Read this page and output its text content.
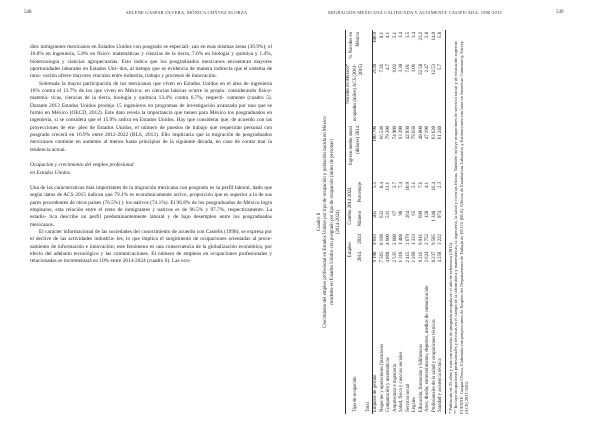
548	SELENE GASPAR OLVERA, MÓNICA CHÁVEZ ELORZA

diez inmigrantes mexicanos en Estados Unidos con posgrado se especiali- zan en esas mismas áreas (30.9%); el 16.0% en ingeniería, 5.8% en físico- matemáticas y ciencias de la tierra, 7.6% en biología y química y 1.4%, biotecnología y ciencias agropecuarias. Esto indica que los posgraduados mexicanos encuentran mayores oportunidades laborales en Estados Uni- dos, al tiempo que se evidencia de manera indirecta que el sistema de inno- vación ofrece mayores vínculos entre industria, trabajo y procesos de innovación.

Sobresale la mayor participación de los mexicanos que viven en Estados Unidos en el área de ingeniería 16% contra el 13.7% de los que viven en México; en ciencias básicas ocurre lo propio: considerando físico-matemá- ticas, ciencias de la tierra, biología y química 13.4% contra 6.7%, respecti- vamente (cuadro 5). Durante 2012 Estados Unidos produjo 15 ingenieros en programas de investigación avanzada por uno que se formó en México (OECD, 2012). Este dato revela la importancia que tienen para México los posgraduados en ingeniería, si se considera que el 15.9% radica en Estados Unidos. Hay que considerar que, de acuerdo con las proyecciones de em- pleo de Estados Unidos, el número de puestos de trabajo que requerirán personal con posgrado crecerá en 16.9% entre 2012-2022 (BLS, 2013). Ello implicaría que la migración de posgraduados mexicanos continúe en aumento al menos hasta principios de la siguiente década, en caso de contar mar la tendencia actual.

Ocupación y crecimiento del empleo profesional
en Estados Unidos

Una de las características más importantes de la migración mexicana con posgrado es su perfil laboral, dado que según datos de ACS 2015 indican que 79.1% es económicamente activo, proporción que es superior a la de sus pares procedentes de otros países (76.5%) y los nativos (74.1%). El 96.8% de los posgraduados de México logra emplearse, esta relación entre el resto de inmigrantes y nativos es de 96.5% y 97.7%, respectivamente. La estadís- tica describe un perfil predominantemente laboral y de bajo desempleo entre los posgraduados mexicanos.

El carácter informacional de las sociedades del conocimiento de acuerdo con Castells (1998), se expresa por el declive de las actividades industria- les, lo que implica el surgimiento de ocupaciones orientadas al proce- samiento de información e innovación; este fenómeno es una consecuencia de la globalización económica, por efecto del adelanto tecnológico y las comunicaciones. El número de empleos en ocupaciones profesionales y relacionadas se incrementará en 10% entre 2014-2024 (cuadro 6). Las ocu-

MIGRACIÓN MEXICANA CALIFICADA Y ALTAMENTE CALIFICADA: 1990-2015	549
Cuadro 6 Crecimiento del empleo profesional en Estados Unidos por tipo de ocupación y población nacida en México residente en Estados Unidos con posgrado por tipo de ocupación (miles de personas) (2014-2024)
Tipo de ocupación	Empleo		Cambio 2014-2024		Ingreso medio anual (dólares) 2014	Nacidos en México* ocupados (miles) ACS (2011-2015)	% Nacidos en México
	2014	2024	Número	Porcentaje			
Total							
Empleos de gestión	9 198	9 693	505	5.5	100 790	2138	100.0
Negocios y operaciones financieras	7 565	8 198	632	8.4	66 530	7.26	8.1
Computación y matemáticas	4 068	4 600	531	13.1	79 390	4.7	4.1
Arquitectura e ingeniería	2 535	2 600	67	2.7	74 900	6.02	5.1
Salud, física y ciencias sociales	1 310	1 408	98	7.4	63 390	3.38	3.4
Servicio social	2 415	2 679	264	10.9	42 930	7.01	3.5
Legales	1 268	1 333	65	5.1	79 650	3.06	3.4
Educación, formación y bibliotecas	9 216	9 916	699	7.6	48 000	22.58	23.2
Artes, diseño, entretenimiento, deportes, medios de comunicación	2 624	2 752	128	4.1	47 190	2.47	2.8
Profesionales de la salud y ocupaciones técnicas	8 237	9 585	1 348	16.4	63 620	12.53	14.0
Sanidad y asistencia técnica	4 258	3 222	974	2.3	61 240	5.7	5.8

* Población de 25 años y más con estudios de posgrado ocupada en el año de referencia (2015). ** Incluye ocupaciones profesionales y técnicas en el campo de la informática y matemáticas, la ingeniería, la salud y ciencias físicas. También incluye ocupaciones de servicio social y de educación superior. FUENTE: Gaspar Olvera. Elaborado con proyecciones de Empleo del Departamento de Trabajo de EE.UU (BLS). Oficina de Estadísticas Laborales y Estimaciones con base en American Community Survey (ACS) 2011-2015.
